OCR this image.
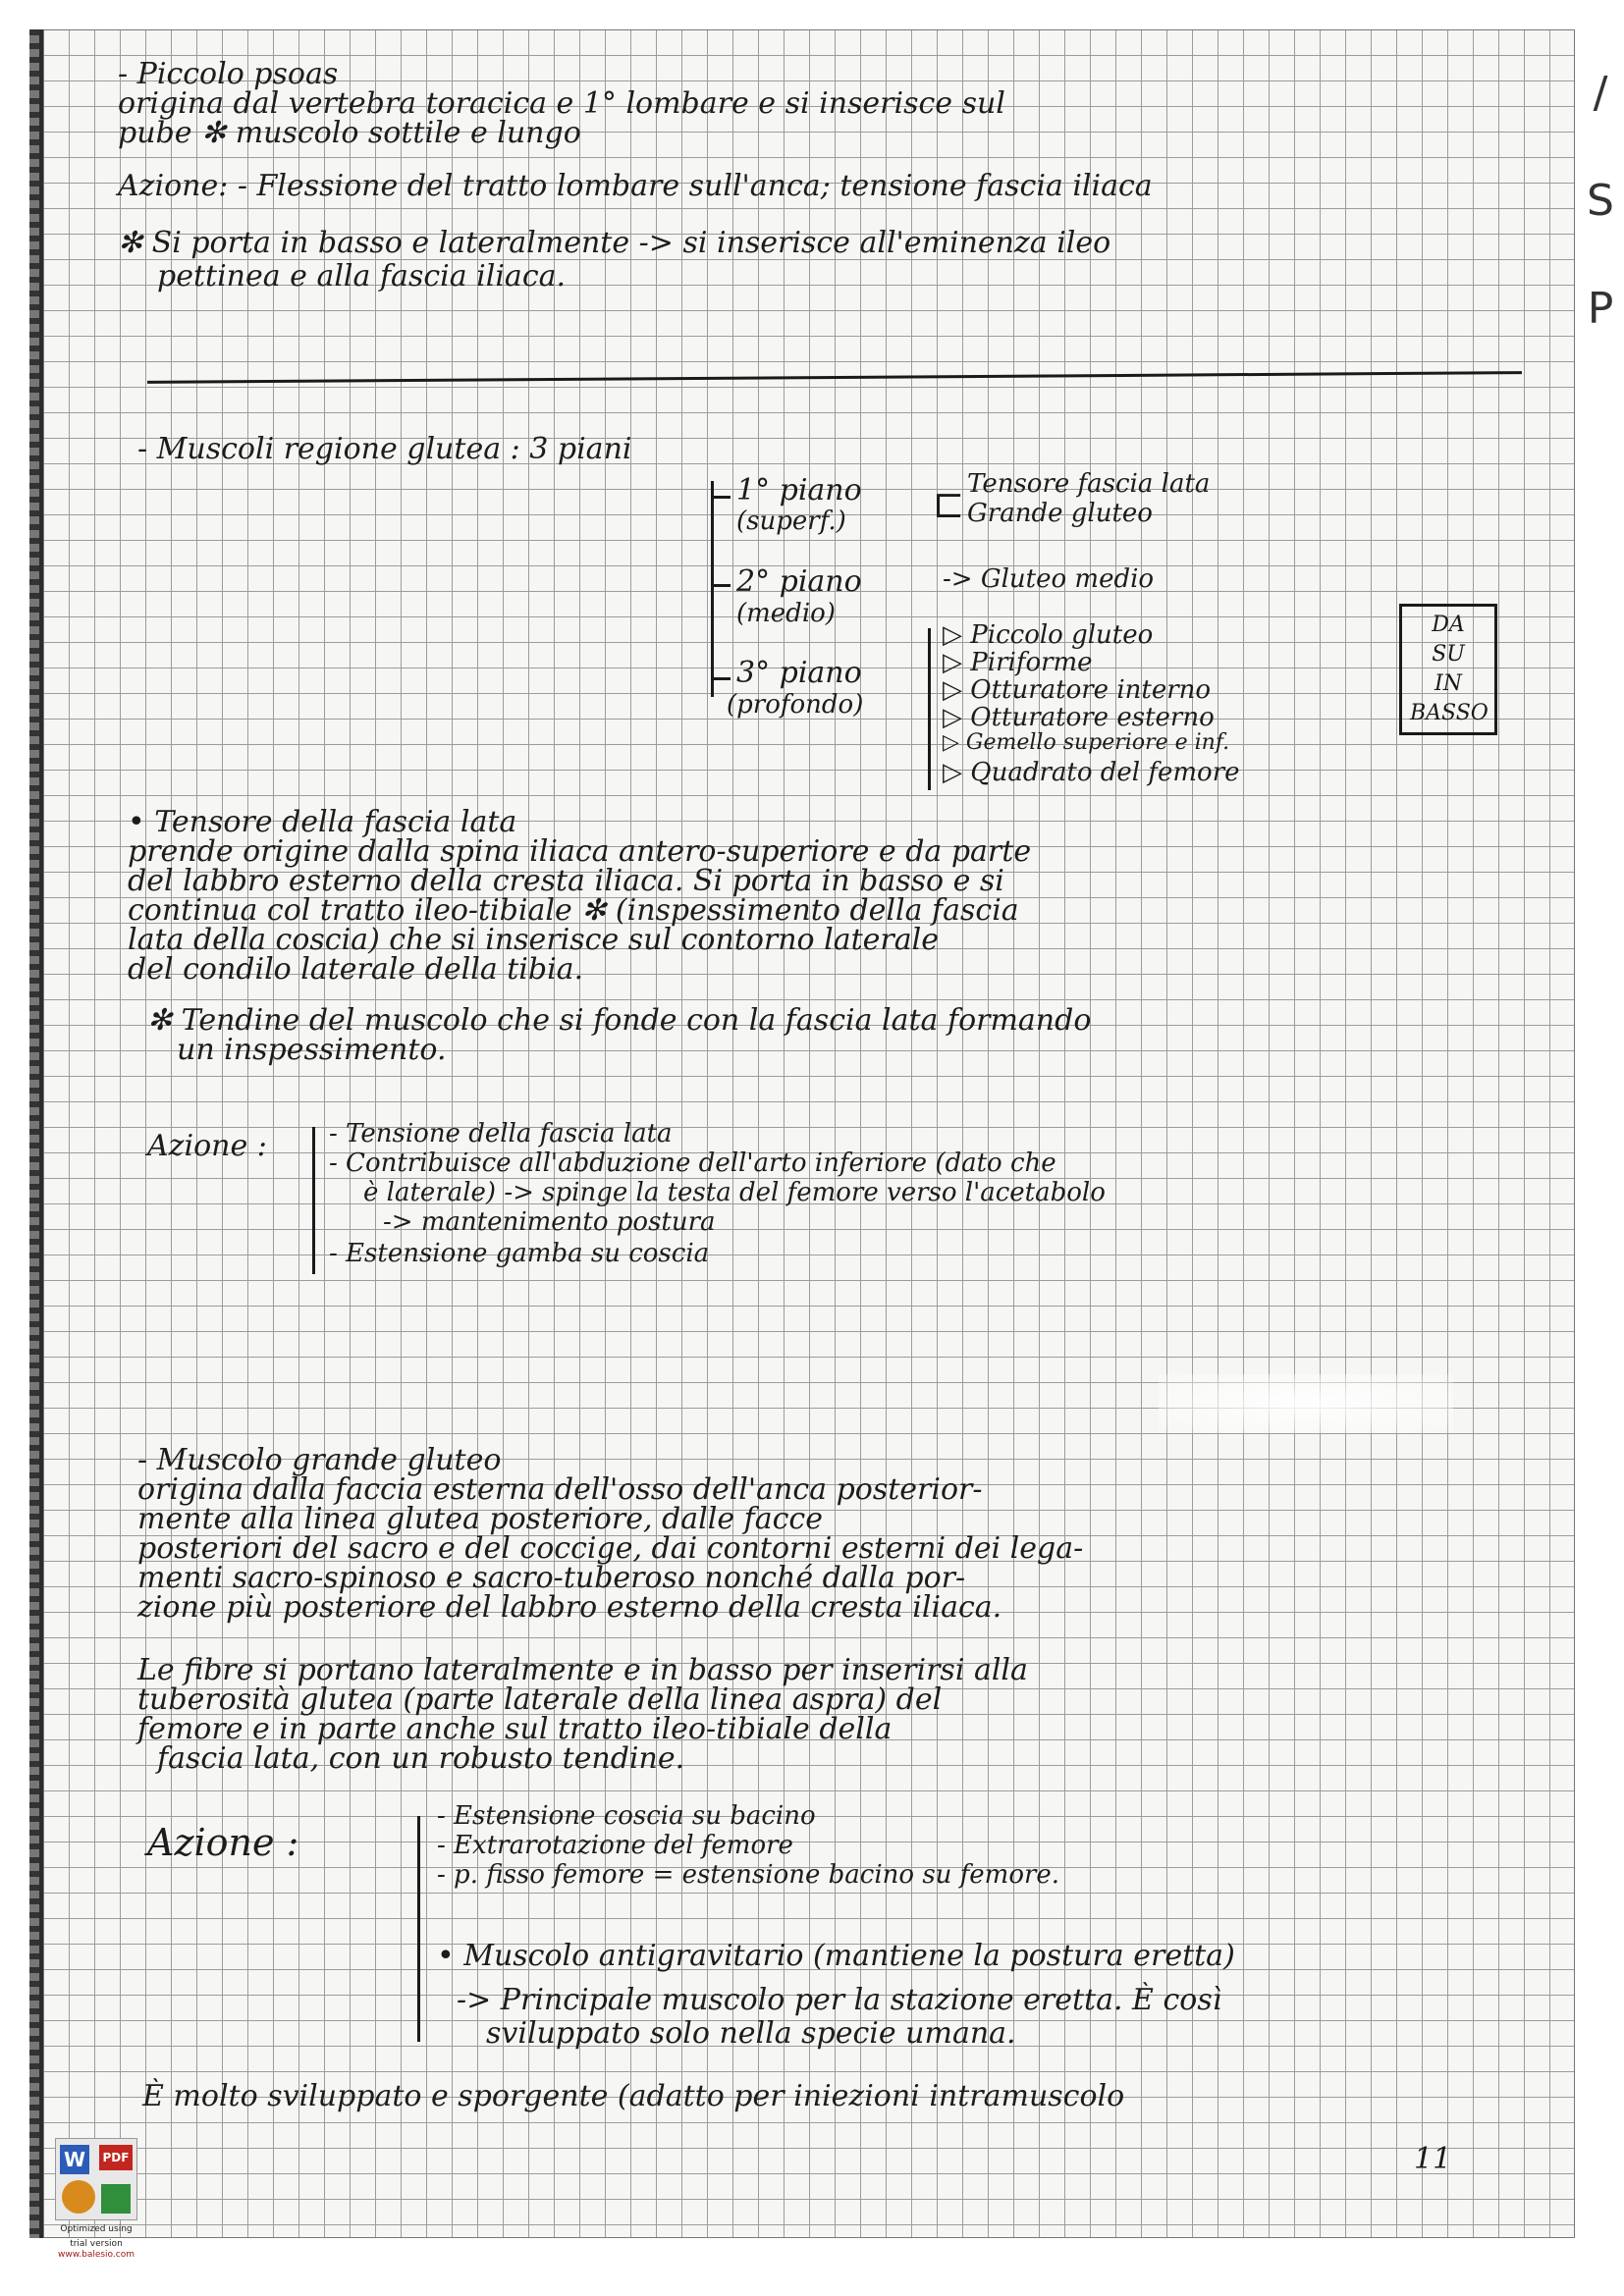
/
S
P
- Piccolo psoas
origina dal vertebra toracica e 1° lombare e si inserisce sul
pube ✻ muscolo sottile e lungo
Azione: - Flessione del tratto lombare sull'anca; tensione fascia iliaca
✻ Si porta in basso e lateralmente -> si inserisce all'eminenza ileo
pettinea e alla fascia iliaca.
- Muscoli regione glutea : 3 piani
1° piano
(superf.) ⊏ Tensore fascia lata
Grande gluteo
2° piano
(medio)
-> Gluteo medio
3° piano
(profondo)
▷ Piccolo gluteo
▷ Piriforme
▷ Otturatore interno
▷ Otturatore esterno
▷ Gemello superiore e inf.
▷ Quadrato del femore
DA
SU
IN
BASSO
• Tensore della fascia lata
prende origine dalla spina iliaca antero-superiore e da parte
del labbro esterno della cresta iliaca. Si porta in basso e si
continua col tratto ileo-tibiale ✻ (inspessimento della fascia
lata della coscia) che si inserisce sul contorno laterale
del condilo laterale della tibia.
✻ Tendine del muscolo che si fonde con la fascia lata formando
un inspessimento.
Azione : - Tensione della fascia lata
- Contribuisce all'abduzione dell'arto inferiore (dato che
è laterale) -> spinge la testa del femore verso l'acetabolo
-> mantenimento postura
- Estensione gamba su coscia
- Muscolo grande gluteo
origina dalla faccia esterna dell'osso dell'anca posterior-
mente alla linea glutea posteriore, dalle facce
posteriori del sacro e del coccige, dai contorni esterni dei lega-
menti sacro-spinoso e sacro-tuberoso nonché dalla por-
zione più posteriore del labbro esterno della cresta iliaca.
Le fibre si portano lateralmente e in basso per inserirsi alla
tuberosità glutea (parte laterale della linea aspra) del
femore e in parte anche sul tratto ileo-tibiale della
fascia lata, con un robusto tendine.
Azione :
- Estensione coscia su bacino
- Extrarotazione del femore
- p. fisso femore = estensione bacino su femore.
• Muscolo antigravitario (mantiene la postura eretta)
-> Principale muscolo per la stazione eretta. È così
sviluppato solo nella specie umana.
È molto sviluppato e sporgente (adatto per iniezioni intramuscolo
11
W	PDF
Optimized using
trial version
www.balesio.com
